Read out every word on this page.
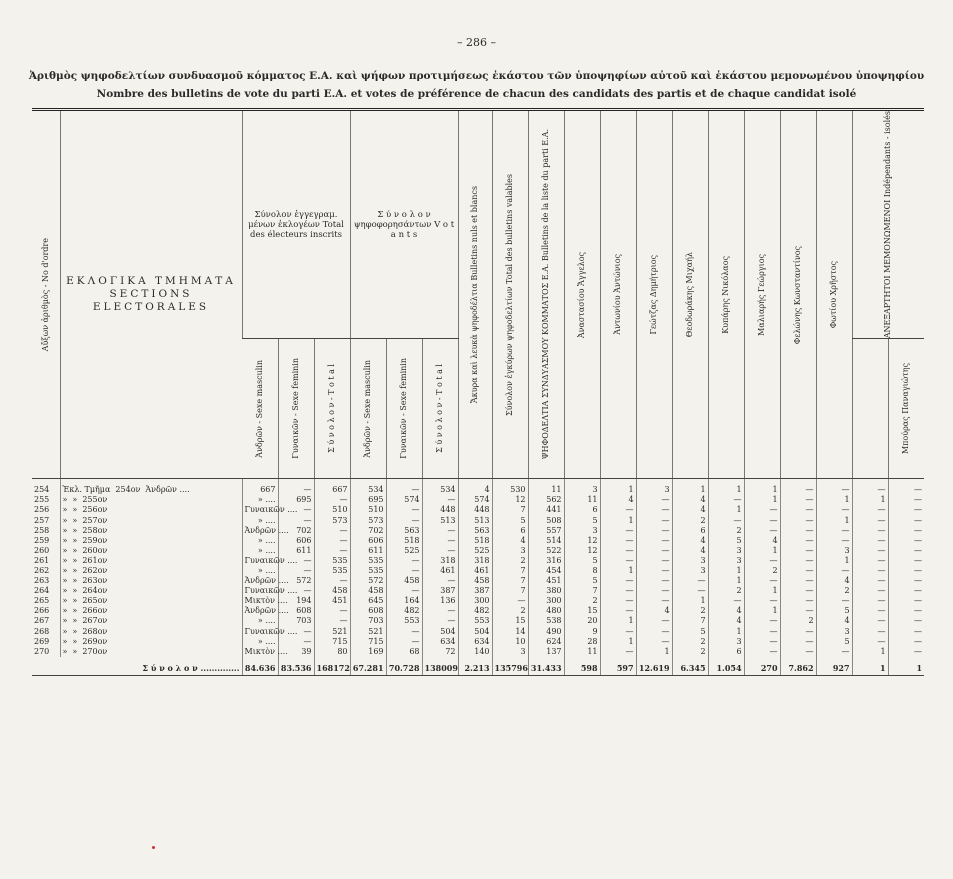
– 286 –
Ἀριθμὸς ψηφοδελτίων συνδυασμοῦ κόμματος Ε.Α. καὶ ψήφων προτιμήσεως ἑκάστου τῶν ὑποψηφίων αὐτοῦ καὶ ἑκάστου μεμονωμένου ὑποψηφίου
Nombre des bulletins de vote du parti E.A. et votes de préférence de chacun des candidats des partis et de chaque candidat isolé
Αὔξων ἀριθμὸς - No d'ordre	ΕΚΛΟΓΙΚΑ ΤΜΗΜΑΤΑ SECTIONS ELECTORALES	Σύνολον ἐγγεγραμ. μένων ἐκλογέων Total des électeurs inscrits			Σ ύ ν ο λ ο ν ψηφοφορησάντων V o t a n t s			Ἄκυρα καὶ λευκὰ ψηφοδέλτια Bulletins nuls et blancs	Σύνολον ἐγκύρων ψηφοδελτίων Total des bulletins valables	ΨΗΦΟΔΕΛΤΙΑ ΣΥΝΔΥΑΣΜΟΥ ΚΟΜΜΑΤΟΣ Ε.Α. Bulletins de la liste du parti E.A.	Ἀναστασίου Ἄγγελος	Ἀντωνίου Ἀντώνιος	Γεώτζας Δημήτριος	Θεοδωράκης Μιχαήλ	Κυπάρης Νικόλαος	Μαλιαρής Γεώργιος	Φελώνης Κωνσταντίνος	Φωτίου Χρῆστος	ΑΝΕΞΑΡΤΗΤΟΙ ΜΕΜΟΝΩΜΕΝΟΙ Indépendants - isolés	

		Ἀνδρῶν - Sexe masculin	Γυναικῶν - Sexe feminin	Σ ύ ν ο λ ο ν - T o t a l	Ἀνδρῶν - Sexe masculin	Γυναικῶν - Sexe feminin	Σ ύ ν ο λ ο ν - T o t a l													Μπούρας Παναγιώτης

254	Ἐκλ. Τμῆμα 254ον Ἀνδρῶν ....	667	—	667	534	—	534	4	530	11	3	1	3	1	1	1	—	—	—	—
255	» » 255ον	» ....	695	—	695	574	—	574	12	562	11	4	—	4	—	1	—	1	1	—
256	» » 256ον	Γυναικῶν ....	—	510	510	—	448	448	7	441	6	—	—	4	1	—	—	—	—	—
257	» » 257ον	» ....	—	573	573	—	513	513	5	508	5	1	—	2	—	—	—	1	—	—
258	» » 258ον	Ἀνδρῶν ....	702	—	702	563	—	563	6	557	3	—	—	6	2	—	—	—	—	—
259	» » 259ον	» ....	606	—	606	518	—	518	4	514	12	—	—	4	5	4	—	—	—	—
260	» » 260ον	» ....	611	—	611	525	—	525	3	522	12	—	—	4	3	1	—	3	—	—
261	» » 261ον	Γυναικῶν ....	—	535	535	—	318	318	2	316	5	—	—	3	3	—	—	1	—	—
262	» » 262ον	» ....	—	535	535	—	461	461	7	454	8	1	—	3	1	2	—	—	—	—
263	» » 263ον	Ἀνδρῶν ....	572	—	572	458	—	458	7	451	5	—	—	—	1	—	—	4	—	—
264	» » 264ον	Γυναικῶν ....	—	458	458	—	387	387	7	380	7	—	—	—	2	1	—	2	—	—
265	» » 265ον	Μικτὸν ....	194	451	645	164	136	300	—	300	2	—	—	1	—	—	—	—	—	—
266	» » 266ον	Ἀνδρῶν ....	608	—	608	482	—	482	2	480	15	—	4	2	4	1	—	5	—	—
267	» » 267ον	» ....	703	—	703	553	—	553	15	538	20	1	—	7	4	—	2	4	—	—
268	» » 268ον	Γυναικῶν ....	—	521	521	—	504	504	14	490	9	—	—	5	1	—	—	3	—	—
269	» » 269ον	» ....	—	715	715	—	634	634	10	624	28	1	—	2	3	—	—	5	—	—
270	» » 270ον	Μικτὸν ....	39	80	169	68	72	140	3	137	11	—	1	2	6	—	—	—	1	—
Σ ύ ν ο λ ο ν ..............		84.636	83.536	168172	67.281	70.728	138009	2.213	135796	31.433	598	597	12.619	6.345	1.054	270	7.862	927	1	1
